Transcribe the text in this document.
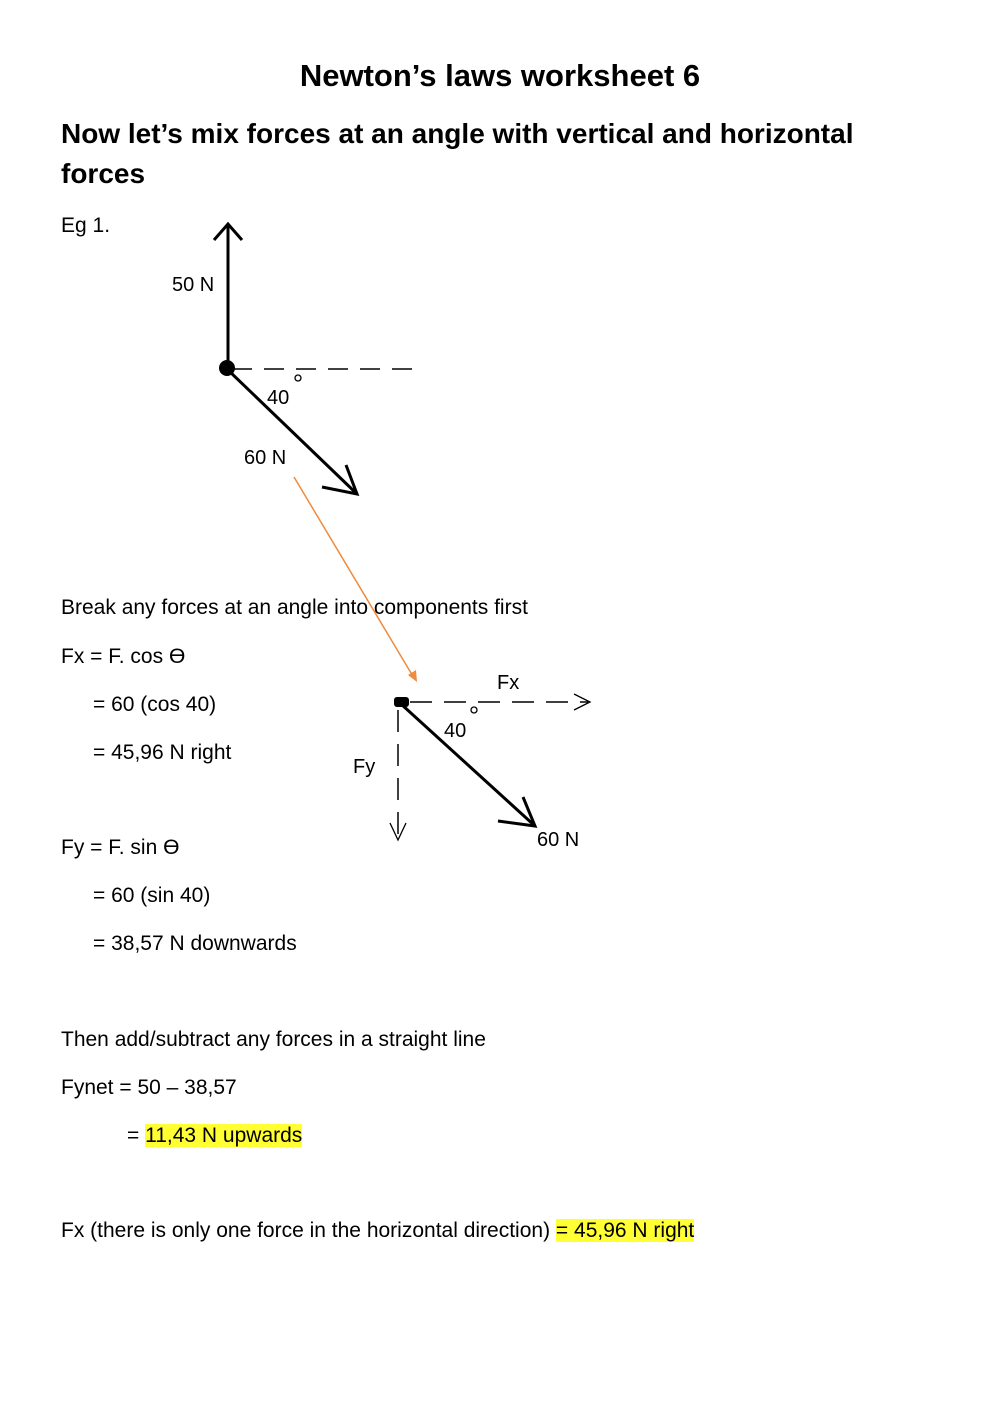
Newton’s laws worksheet 6
Now let’s mix forces at an angle with vertical and horizontal forces

Eg 1.

50 N
40
60 N
Fx
Fy
40
60 N

Break any forces at an angle into components first

Fx = F. cos Ɵ

= 60 (cos 40)

= 45,96 N right

Fy = F. sin Ɵ

= 60 (sin 40)

= 38,57 N downwards

Then add/subtract any forces in a straight line

Fynet = 50 – 38,57

= 11,43 N upwards

Fx (there is only one force in the horizontal direction) = 45,96 N right
